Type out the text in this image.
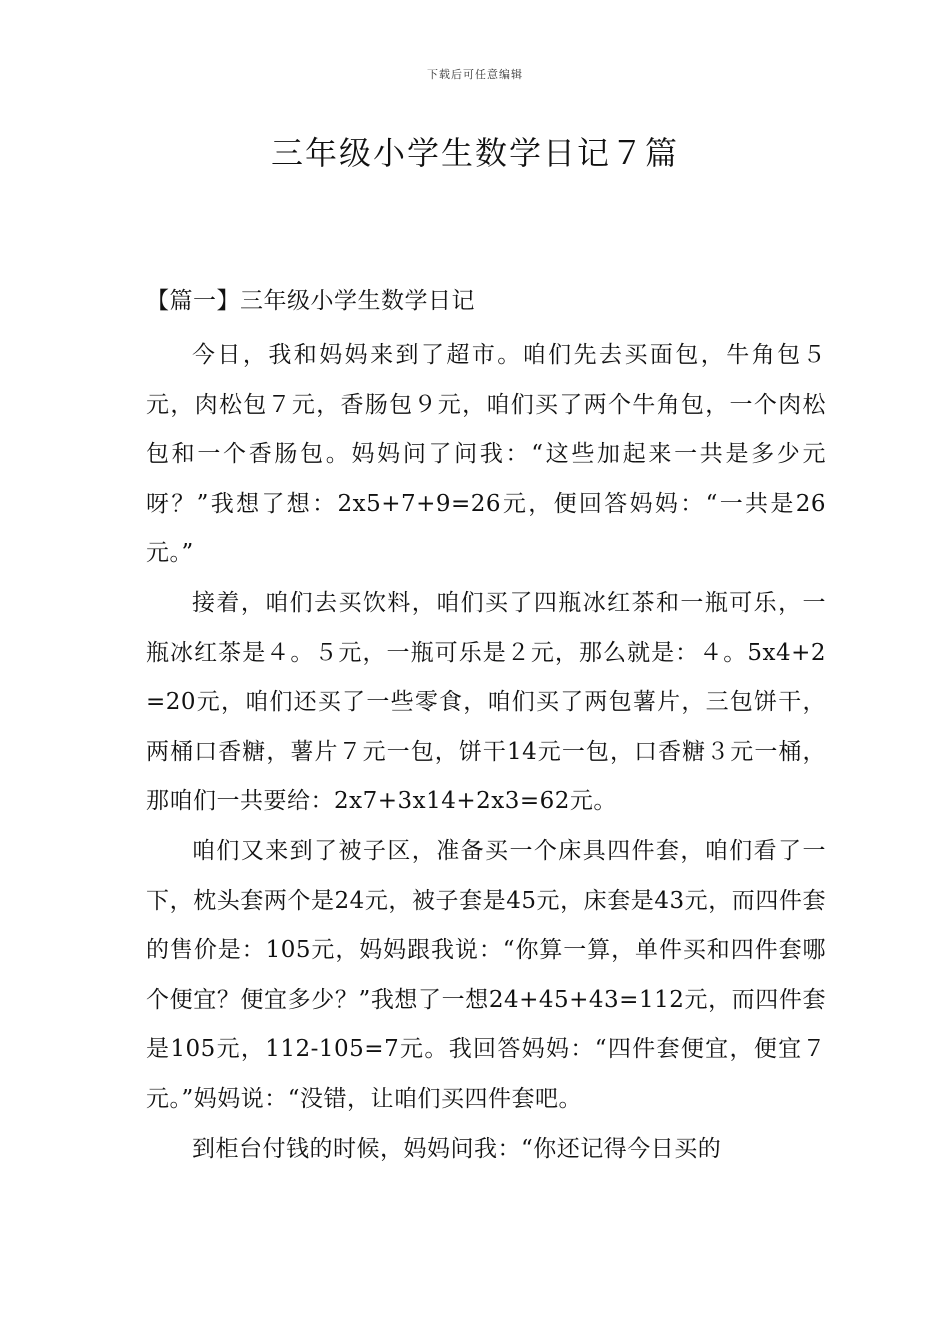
下载后可任意编辑
三年级小学生数学日记７篇
【篇一】三年级小学生数学日记

今日，我和妈妈来到了超市。咱们先去买面包，牛角包５元，肉松包７元，香肠包９元，咱们买了两个牛角包，一个肉松包和一个香肠包。妈妈问了问我：“这些加起来一共是多少元呀？”我想了想：2x5+7+9=26元，便回答妈妈：“一共是26元。”

接着，咱们去买饮料，咱们买了四瓶冰红茶和一瓶可乐，一瓶冰红茶是４。５元，一瓶可乐是２元，那么就是：４。5x4+2=20元，咱们还买了一些零食，咱们买了两包薯片，三包饼干，两桶口香糖，薯片７元一包，饼干14元一包，口香糖３元一桶，那咱们一共要给：2x7+3x14+2x3=62元。

咱们又来到了被子区，准备买一个床具四件套，咱们看了一下，枕头套两个是24元，被子套是45元，床套是43元，而四件套的售价是：105元，妈妈跟我说：“你算一算，单件买和四件套哪个便宜？便宜多少？”我想了一想24+45+43=112元，而四件套是105元，112-105=7元。我回答妈妈：“四件套便宜，便宜７元。”妈妈说：“没错，让咱们买四件套吧。

到柜台付钱的时候，妈妈问我：“你还记得今日买的
